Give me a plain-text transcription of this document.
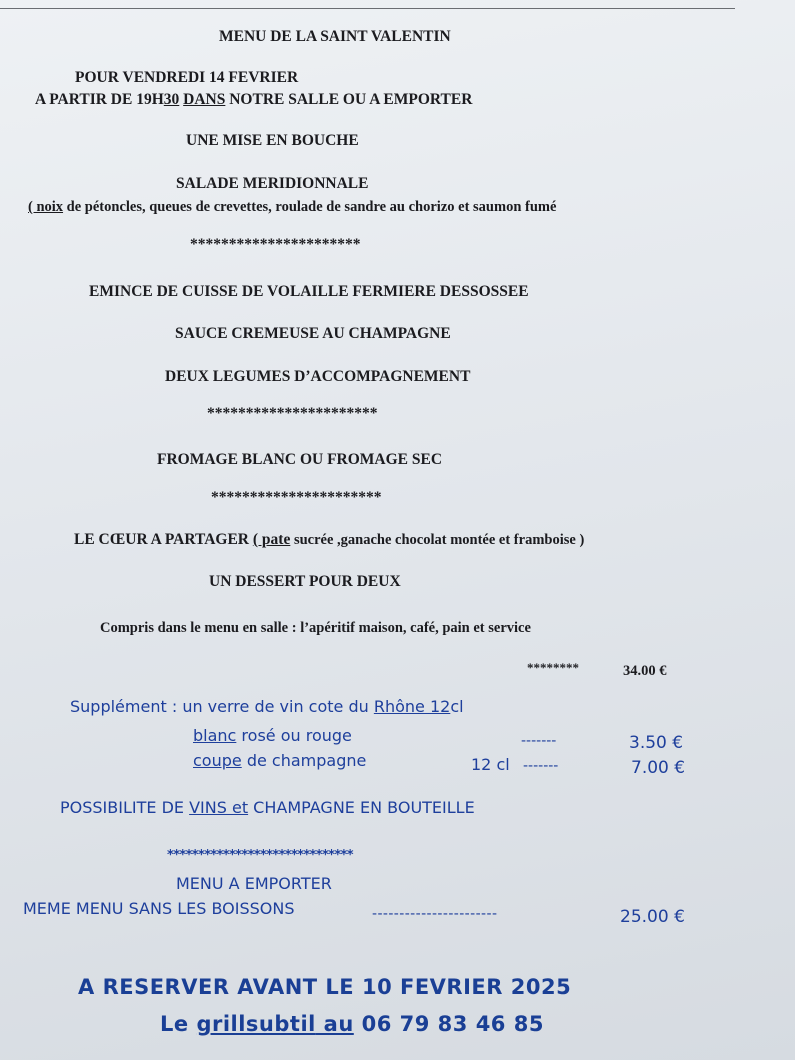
MENU DE LA SAINT VALENTIN
POUR VENDREDI 14 FEVRIER
A PARTIR DE 19H30 DANS NOTRE SALLE OU A EMPORTER
UNE MISE EN BOUCHE
SALADE MERIDIONNALE
( noix de pétoncles, queues de crevettes, roulade de sandre au chorizo et saumon fumé
**********************
EMINCE DE CUISSE DE VOLAILLE FERMIERE DESSOSSEE
SAUCE CREMEUSE AU CHAMPAGNE
DEUX LEGUMES D’ACCOMPAGNEMENT
**********************
FROMAGE BLANC OU FROMAGE SEC
**********************
LE CŒUR A PARTAGER ( pate sucrée ,ganache chocolat montée et framboise )
UN DESSERT POUR DEUX
Compris dans le menu en salle : l’apéritif maison, café, pain et service
********	34.00 €
Supplément : un verre de vin cote du Rhône 12cl
blanc rosé ou rouge	-------	3.50 €
coupe de champagne	12 cl -------	7.00 €
POSSIBILITE DE VINS et CHAMPAGNE EN BOUTEILLE
******************************
MENU A EMPORTER
MEME MENU SANS LES BOISSONS	-----------------------	25.00 €
A RESERVER AVANT LE 10 FEVRIER 2025
Le grillsubtil au 06 79 83 46 85
